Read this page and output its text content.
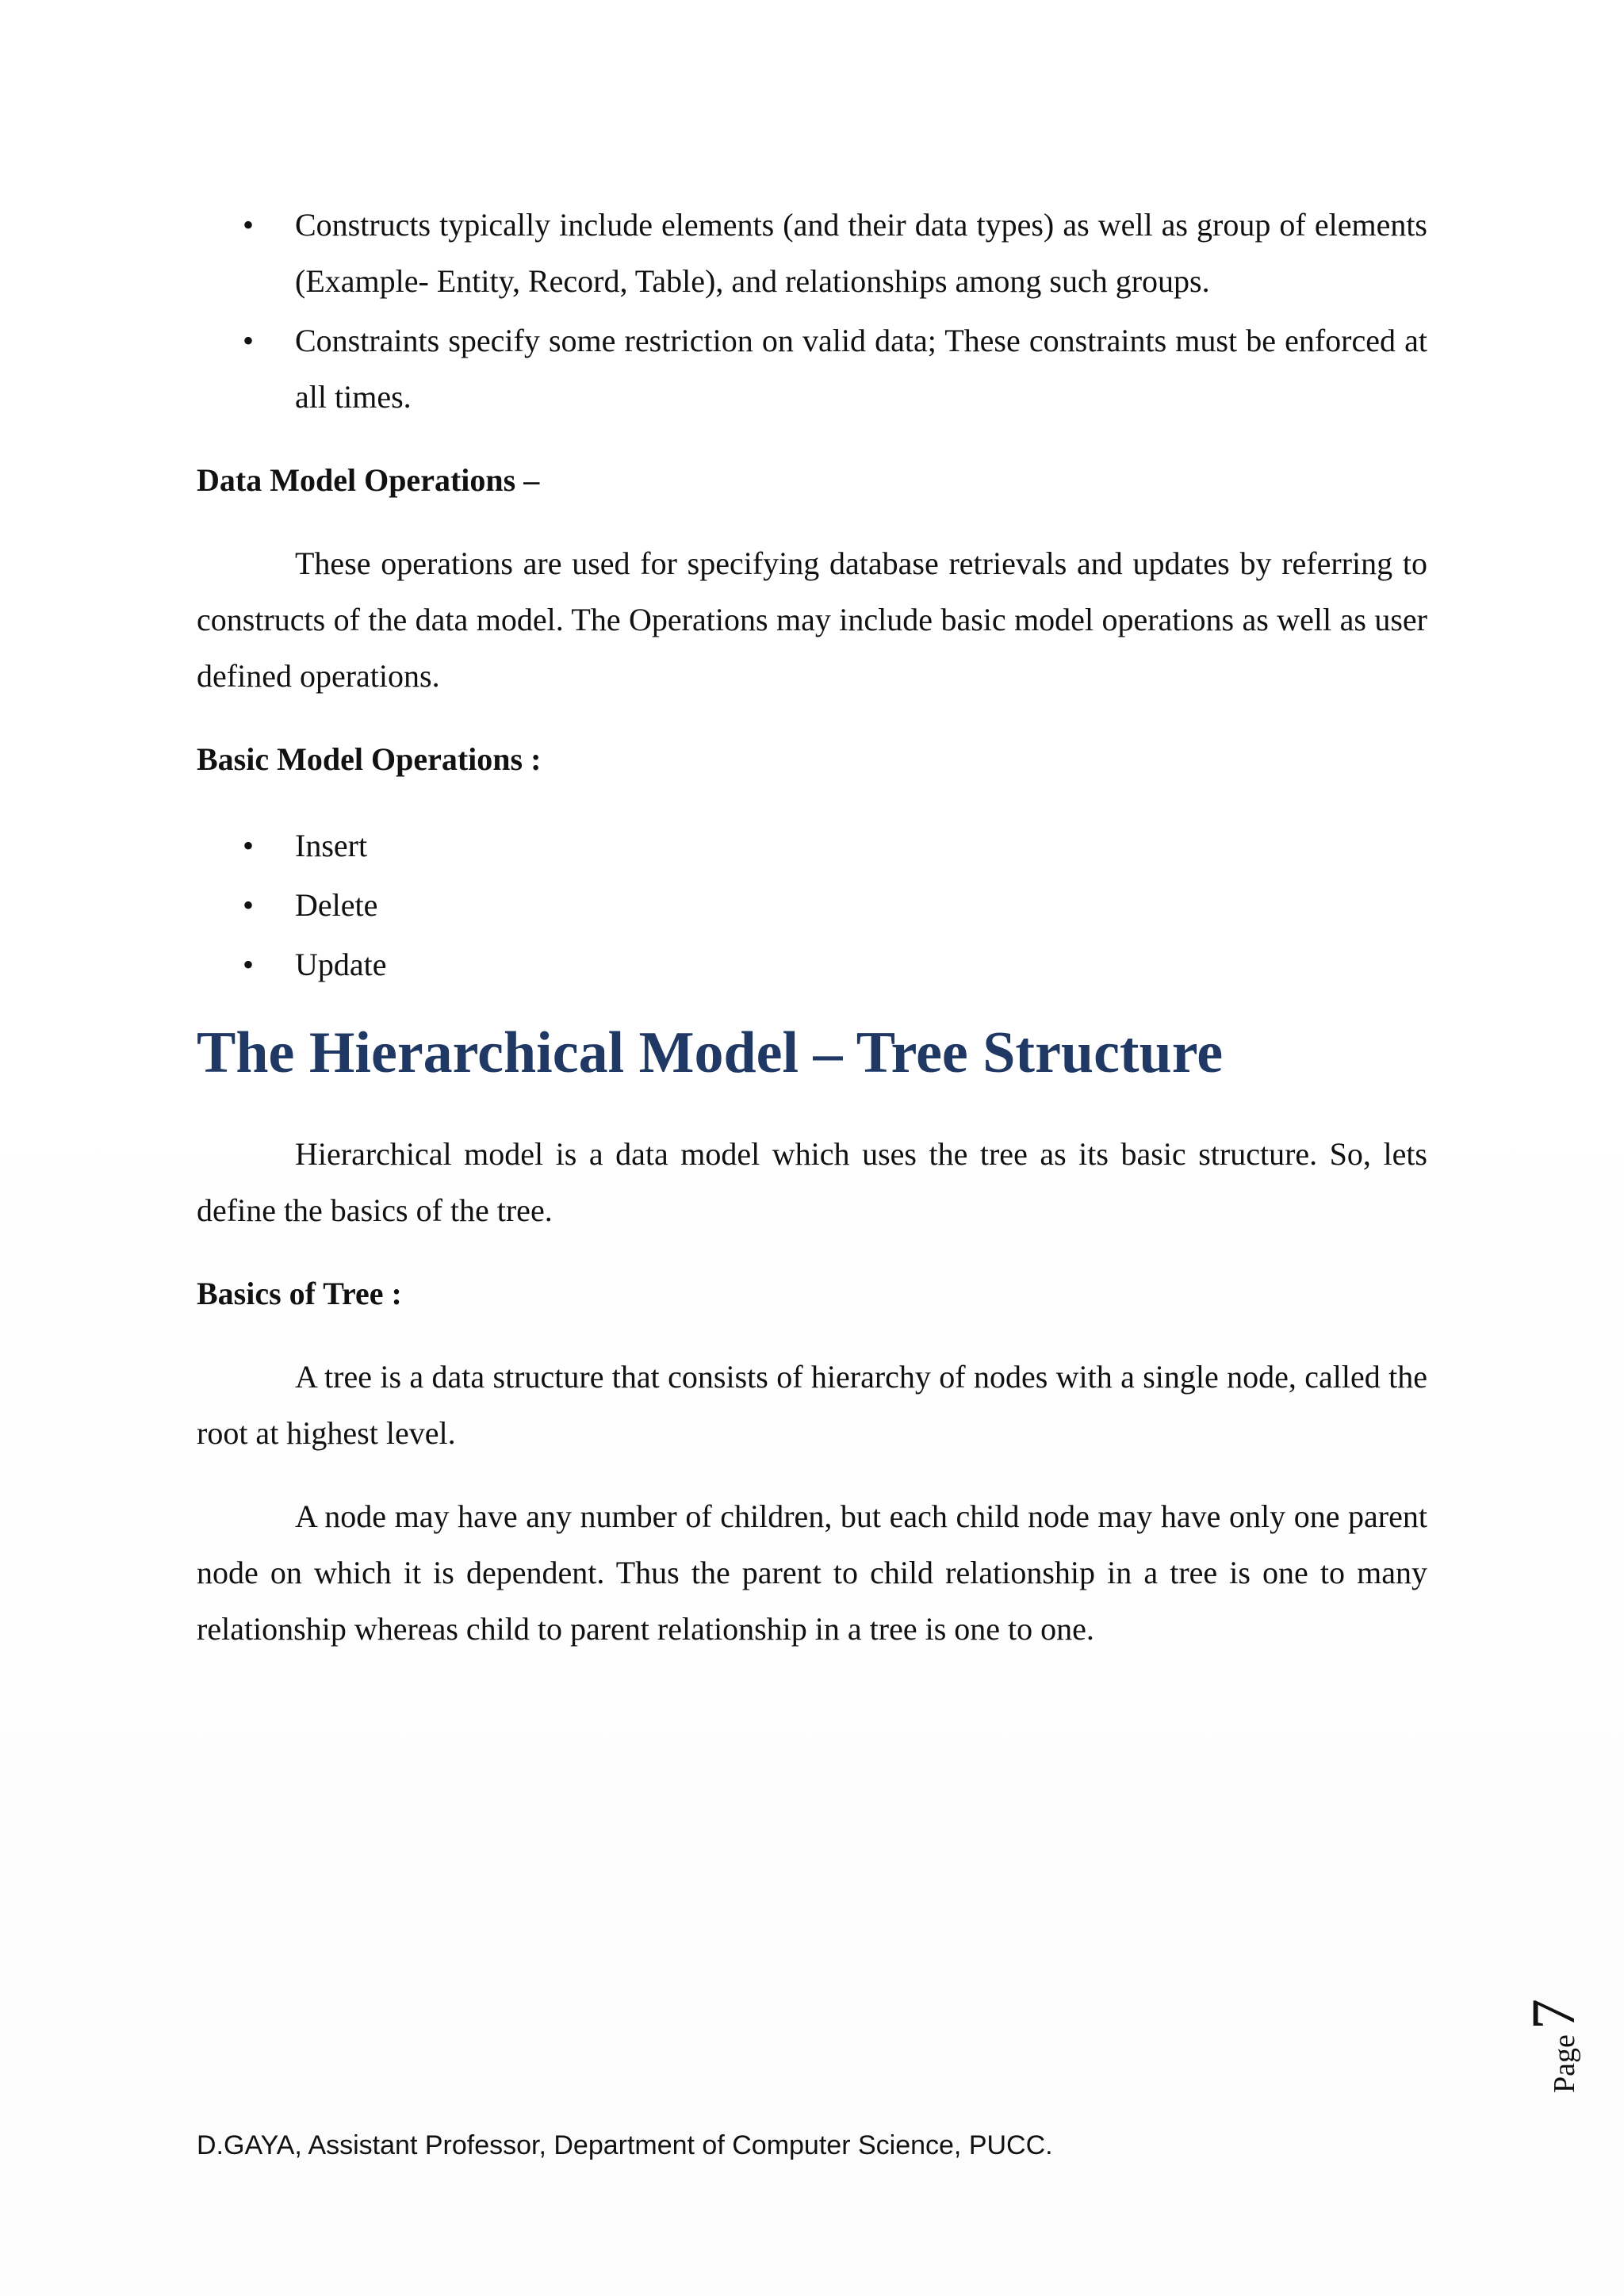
• Constructs typically include elements (and their data types) as well as group of elements (Example- Entity, Record, Table), and relationships among such groups.
• Constraints specify some restriction on valid data; These constraints must be enforced at all times.

Data Model Operations –

These operations are used for specifying database retrievals and updates by referring to constructs of the data model. The Operations may include basic model operations as well as user defined operations.

Basic Model Operations :

• Insert
• Delete
• Update
The Hierarchical Model – Tree Structure

Hierarchical model is a data model which uses the tree as its basic structure. So, lets define the basics of the tree.

Basics of Tree :

A tree is a data structure that consists of hierarchy of nodes with a single node, called the root at highest level.

A node may have any number of children, but each child node may have only one parent node on which it is dependent. Thus the parent to child relationship in a tree is one to many relationship whereas child to parent relationship in a tree is one to one.

Page
7
D.GAYA, Assistant Professor, Department of Computer Science, PUCC.
